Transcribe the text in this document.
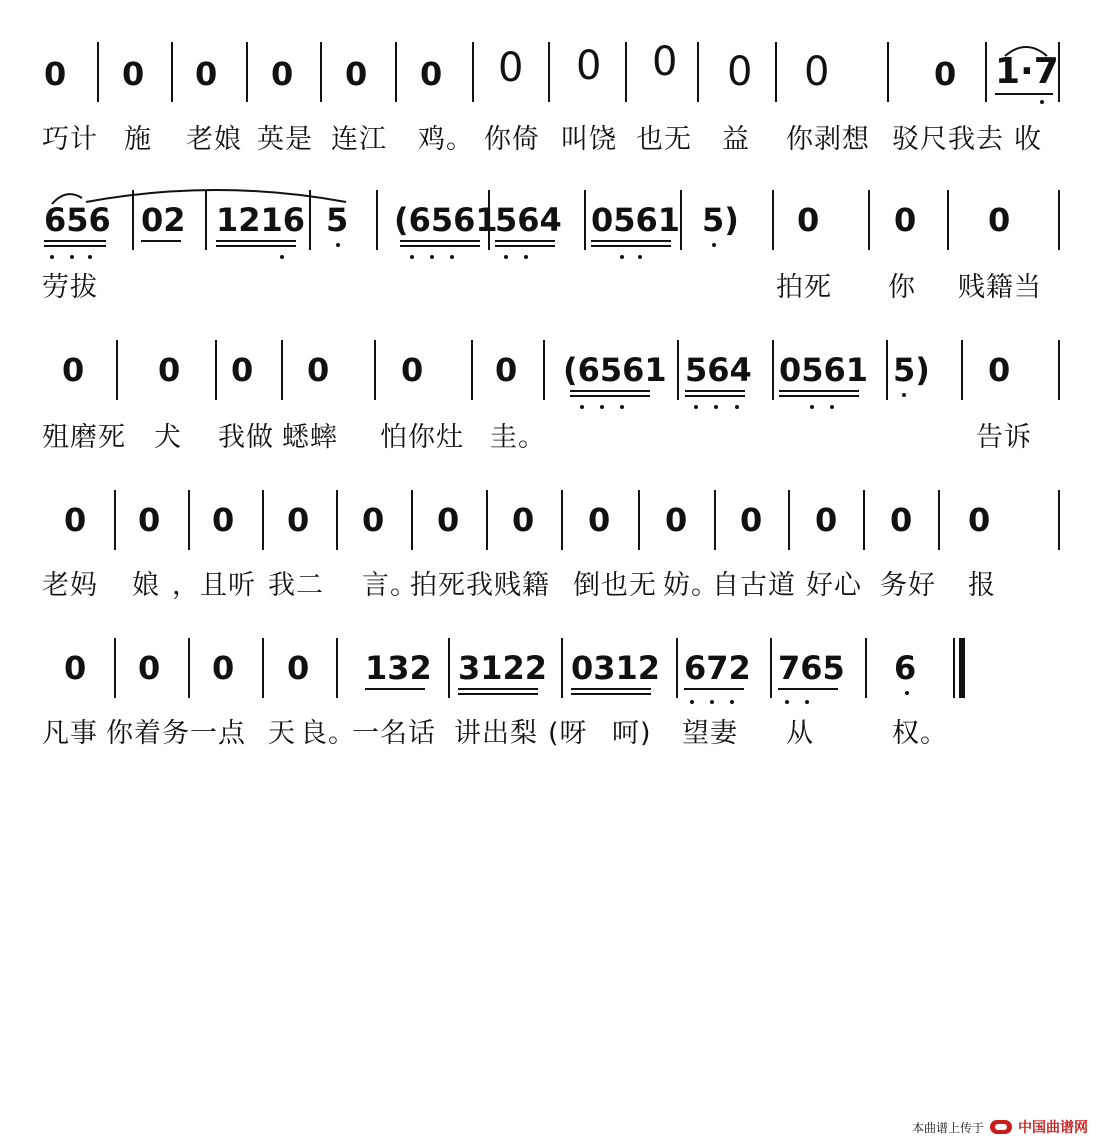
0 0 0 0 0 0 0 0 0 0 0	0 1·7
巧计 施 老娘 英是 连江 鸡。 你倚 叫饶 也无 益 你剥想 驳尺我去 收
656 02 1216 5 (6561
564 0561 5) 0 0 0
劳拔	拍死 你 贱籍当
0 0 0 0 0 0 (6561 564 0561 5) 0
殂磨死 犬 我做 蟋蟀 怕你灶 圭。	告诉
0 0 0 0 0 0 0 0 0 0 0 0 0
老妈 娘 ，且听 我二 言。
拍死我贱籍 倒也无 妨。
自古道 好心 务好 报
0 0 0 0 132 3122 0312 672 765 6
凡事 你着务一点 天 良。
一名话 讲出梨 (呀 呵) 望妻 从	权。
本曲谱上传于 中国曲谱网
